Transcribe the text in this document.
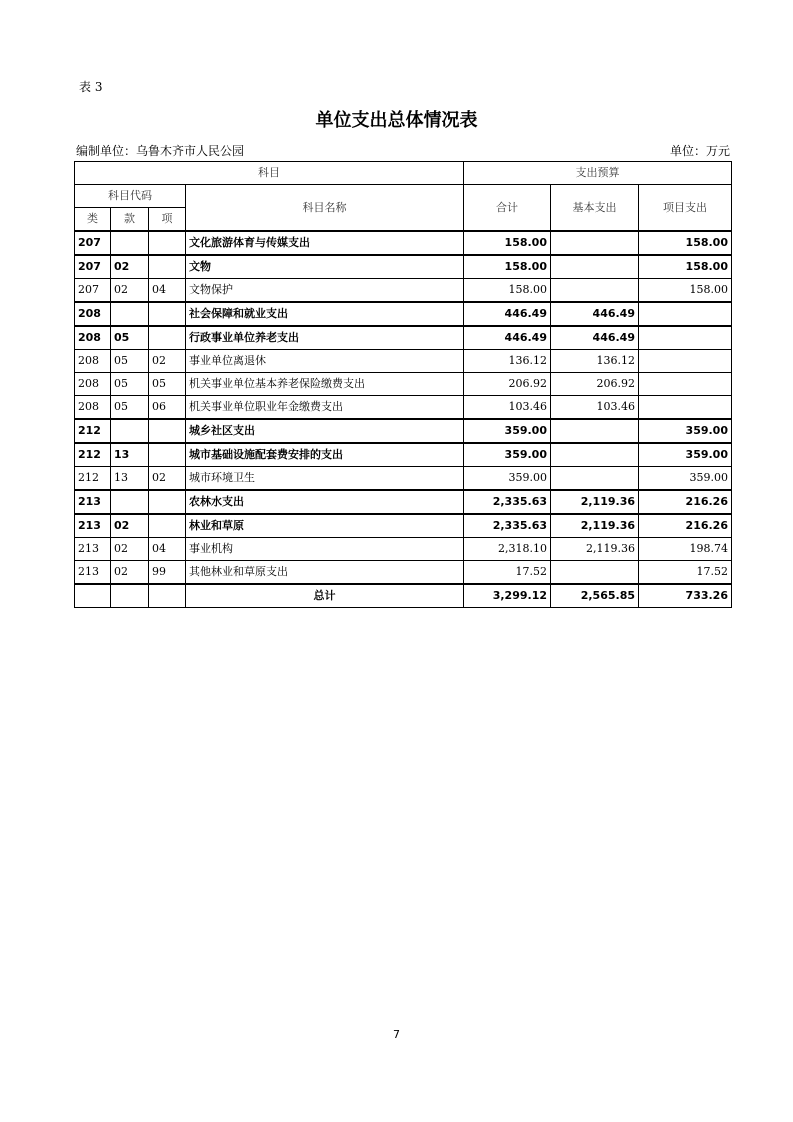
表 3
单位支出总体情况表
编制单位：乌鲁木齐市人民公园	单位：万元
科目				支出预算		
科目代码			科目名称	合计	基本支出	项目支出
类	款	项				
207			文化旅游体育与传媒支出	158.00		158.00
207	02		文物	158.00		158.00
207	02	04	文物保护	158.00		158.00
208			社会保障和就业支出	446.49	446.49	
208	05		行政事业单位养老支出	446.49	446.49	
208	05	02	事业单位离退休	136.12	136.12	
208	05	05	机关事业单位基本养老保险缴费支出	206.92	206.92	
208	05	06	机关事业单位职业年金缴费支出	103.46	103.46	
212			城乡社区支出	359.00		359.00
212	13		城市基础设施配套费安排的支出	359.00		359.00
212	13	02	城市环境卫生	359.00		359.00
213			农林水支出	2,335.63	2,119.36	216.26
213	02		林业和草原	2,335.63	2,119.36	216.26
213	02	04	事业机构	2,318.10	2,119.36	198.74
213	02	99	其他林业和草原支出	17.52		17.52
			总计	3,299.12	2,565.85	733.26
7
